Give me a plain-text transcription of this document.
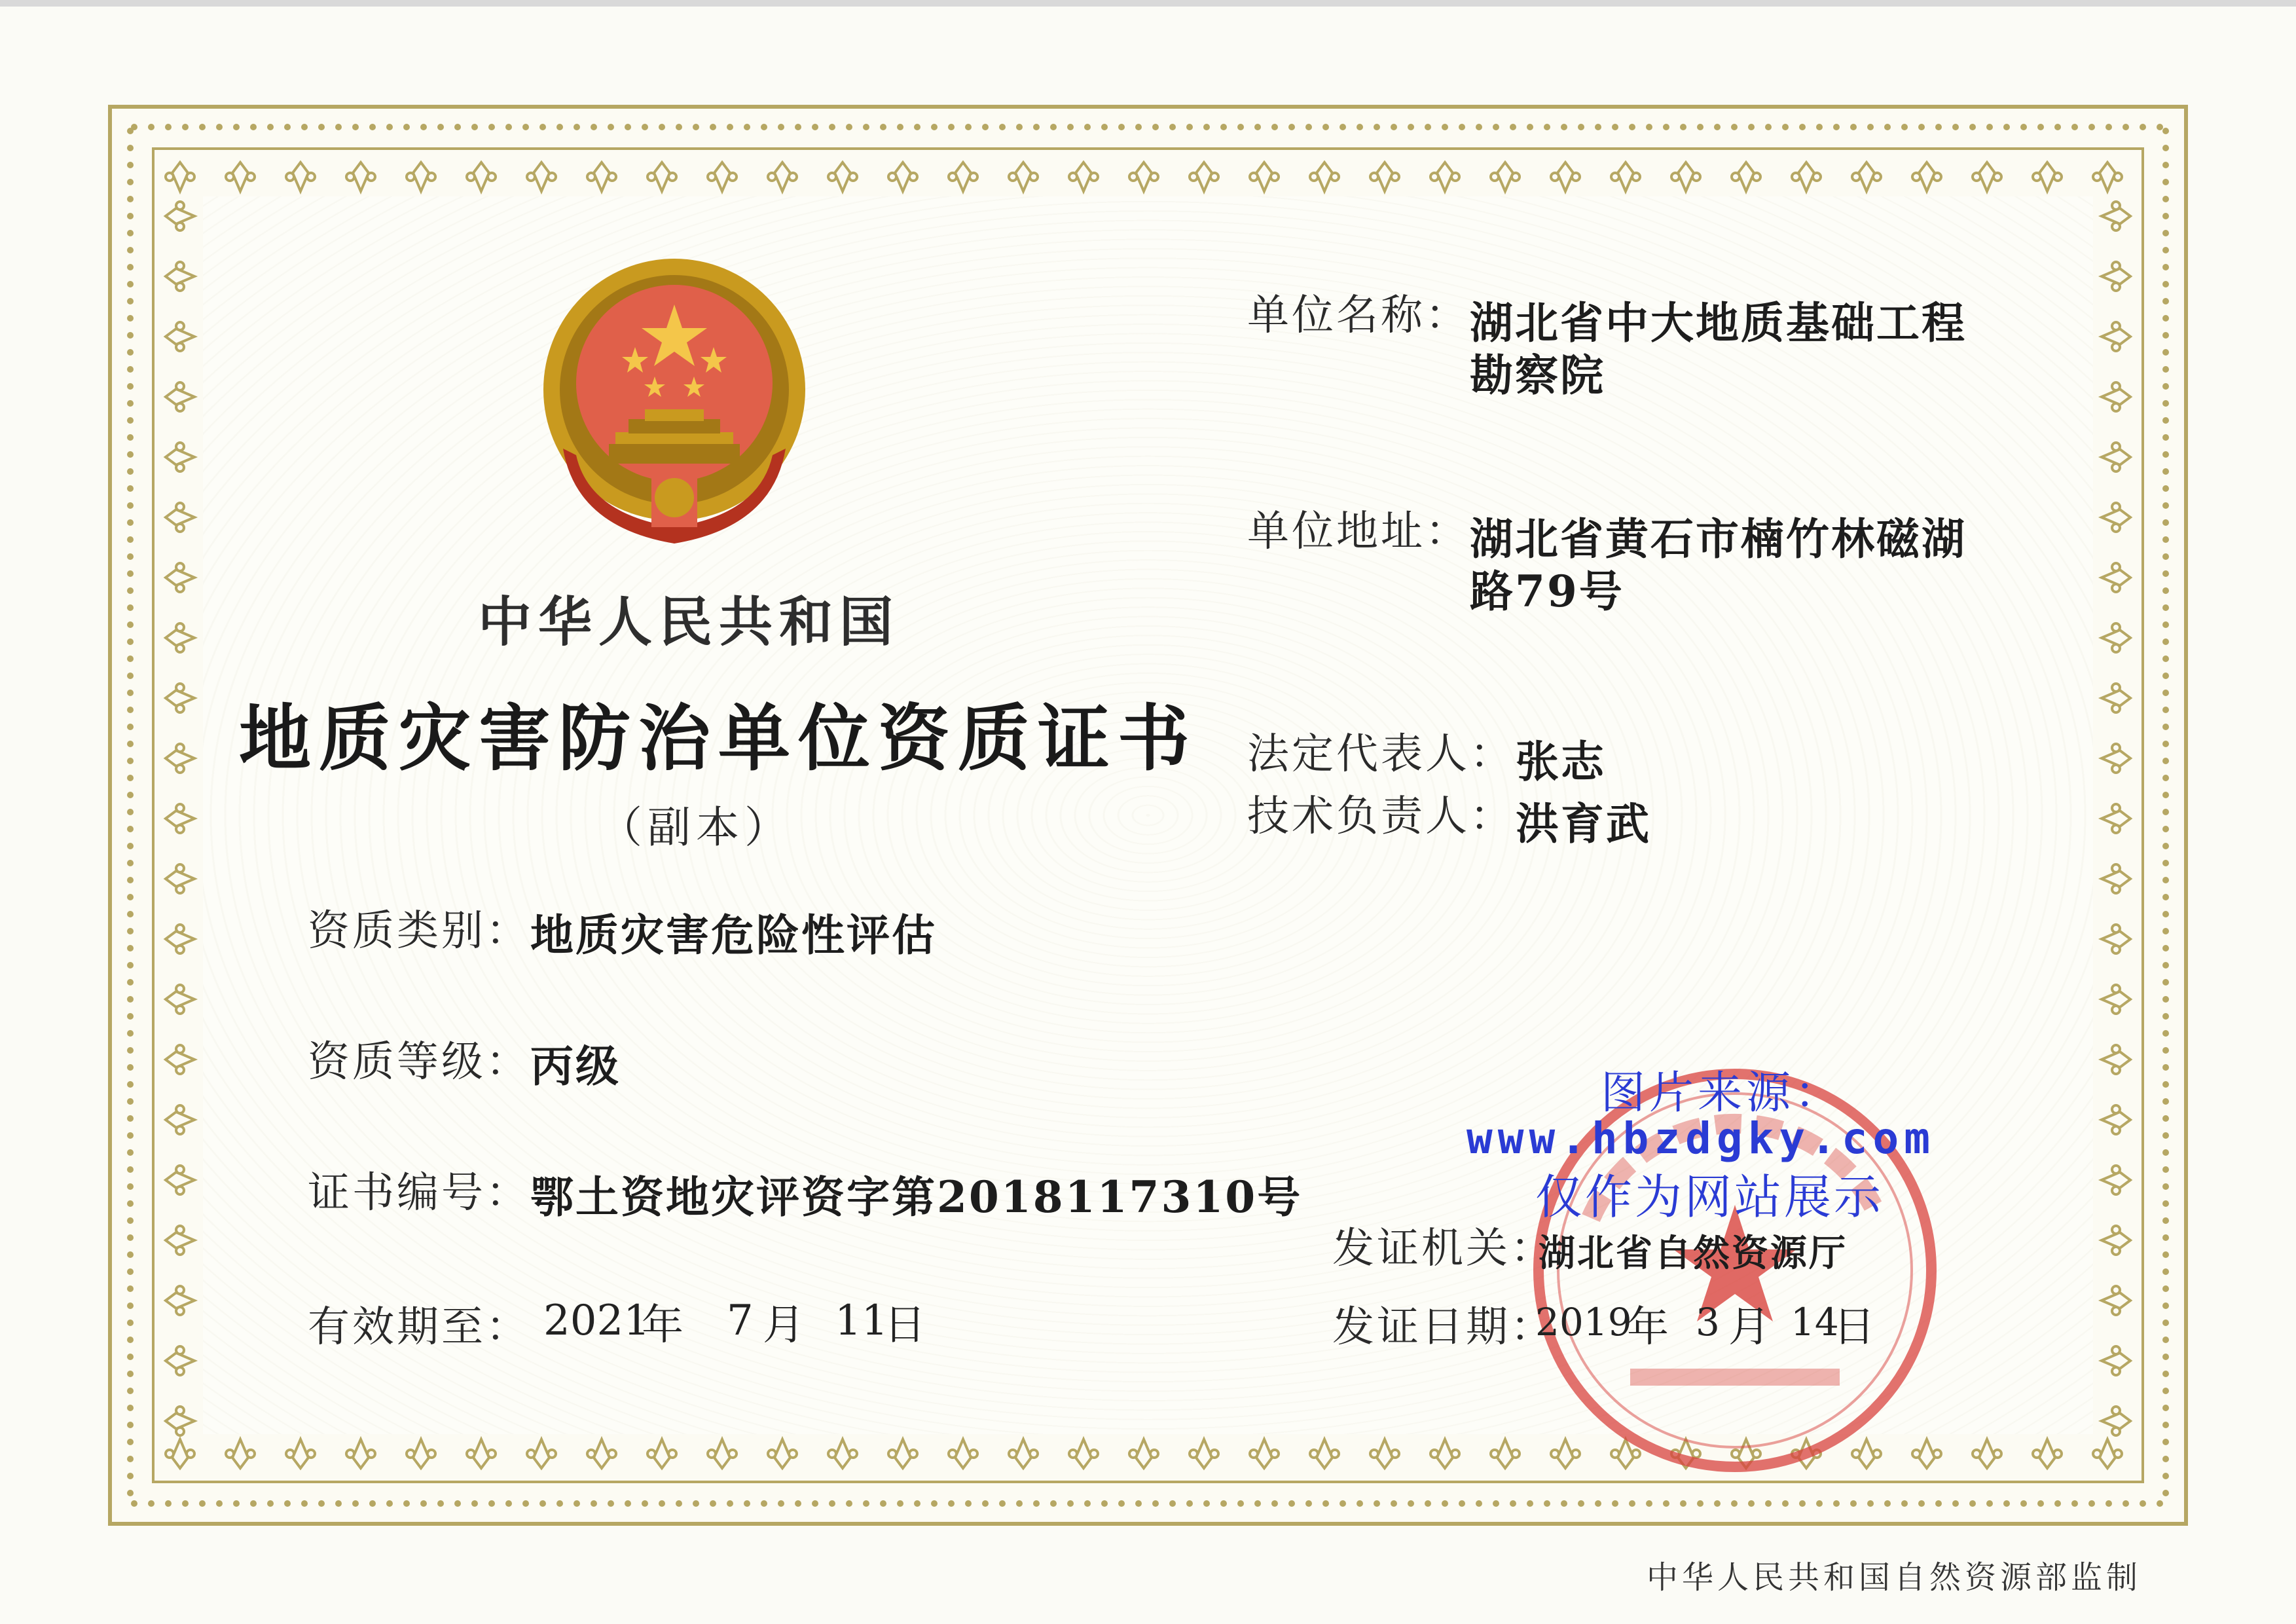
中华人民共和国
地质灾害防治单位资质证书
（副本）
资质类别： 地质灾害危险性评估
资质等级： 丙级
证书编号： 鄂土资地灾评资字第2018117310号
有效期至： 2021
年 7 月 11
日
单位名称： 湖北省中大地质基础工程
勘察院
单位地址： 湖北省黄石市楠竹林磁湖
路79号
法定代表人： 张志
技术负责人： 洪育武
发证机关：
湖北省自然资源厅
发证日期：
2019
年 3 月 14
日
图片来源：
www.hbzdgky.com
仅作为网站展示
中华人民共和国自然资源部监制
